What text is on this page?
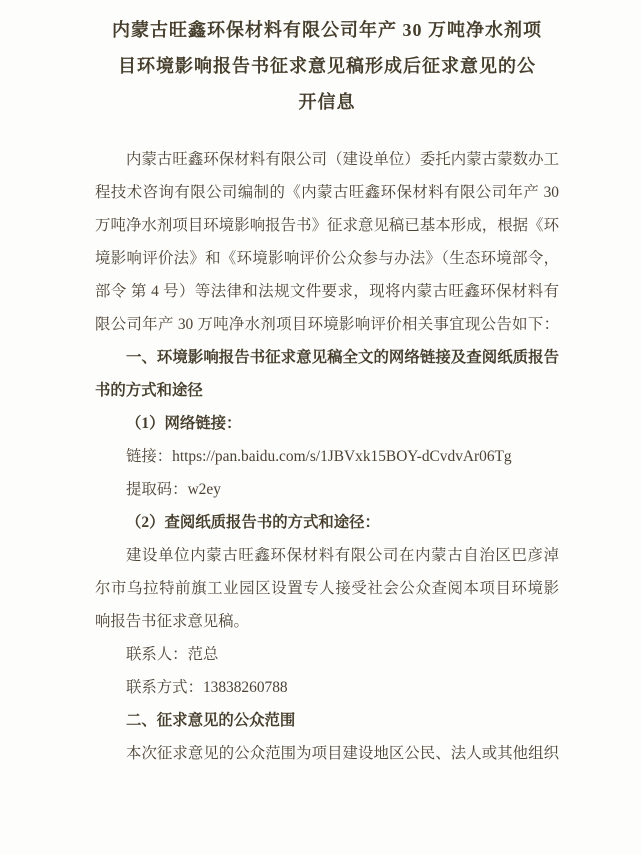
内蒙古旺鑫环保材料有限公司年产 30 万吨净水剂项
目环境影响报告书征求意见稿形成后征求意见的公
开信息
内蒙古旺鑫环保材料有限公司（建设单位）委托内蒙古蒙数办工
程技术咨询有限公司编制的《内蒙古旺鑫环保材料有限公司年产 30
万吨净水剂项目环境影响报告书》征求意见稿已基本形成，根据《环
境影响评价法》和《环境影响评价公众参与办法》（生态环境部令，
部令 第 4 号）等法律和法规文件要求，现将内蒙古旺鑫环保材料有
限公司年产 30 万吨净水剂项目环境影响评价相关事宜现公告如下：
一、环境影响报告书征求意见稿全文的网络链接及查阅纸质报告
书的方式和途径
（1）网络链接：
链接：https://pan.baidu.com/s/1JBVxk15BOY-dCvdvAr06Tg
提取码：w2ey
（2）查阅纸质报告书的方式和途径：
建设单位内蒙古旺鑫环保材料有限公司在内蒙古自治区巴彦淖
尔市乌拉特前旗工业园区设置专人接受社会公众查阅本项目环境影
响报告书征求意见稿。
联系人：范总
联系方式：13838260788
二、征求意见的公众范围
本次征求意见的公众范围为项目建设地区公民、法人或其他组织
